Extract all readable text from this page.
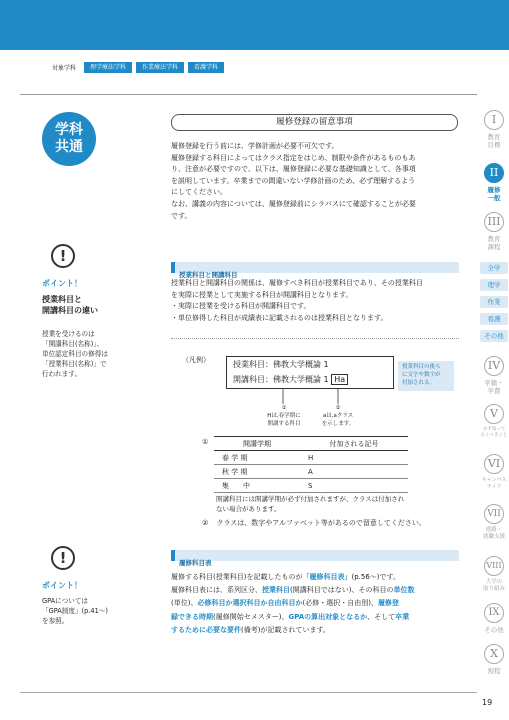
対象学科	理学療法学科	作業療法学科	看護学科
学科
共通
!
ポイント！
授業科目と
開講科目の違い
授業を受けるのは
「開講科目(名称)」、
単位認定科目の修得は
「授業科目(名称)」で
行われます。
!
ポイント！
GPAについては
「GPA制度」(p.41〜)
を参照。
履修登録の留意事項
履修登録を行う前には、学修計画が必要不可欠です。
履修登録する科目によってはクラス指定をはじめ、制限や条件があるものもあ
り、注意が必要ですので、以下は、履修登録に必要な基礎知識として、各事項
を説明しています。卒業までの間違いない学修計画のため、必ず理解するよう
にしてください。
なお、講義の内容については、履修登録前にシラバスにて確認することが必要
です。
授業科目と開講科目
授業科目と開講科目の関係は、履修すべき科目が授業科目であり、その授業科目
を実際に授業として実施する科目が開講科目となります。
・実際に授業を受ける科目が開講科目です。
・単位修得した科目が成績表に記載されるのは授業科目となります。
（凡例）	授業科目：佛教大学概論 1
開講科目：佛教大学概論 1 Ha
授業科目の後ろ
に文字や数字が
付加される。
①
Hは,春学期に
開講する科目
②
aは,aクラス
を示します。
①	開講学期	付加される記号
春 学 期	H
秋 学 期	A
集　　中	S
開講科目には開講学期が必ず付加されますが、クラスは付加され
ない場合があります。
② クラスは、数字やアルファベット等があるので留意してください。
履修科目表
履修する科目(授業科目)を記載したものが「履修科目表」(p.56〜)です。
履修科目表には、系列区分、授業科目(開講科目ではない)、その科目の単位数
(単位)、必修科目か選択科目か自由科目か(必修・選択・自由別)、履修登
録できる時期(履修開始セメスター)、GPAの算出対象となるか、そして卒業
するために必要な要件(備考)が記載されています。
I
教育
目標
II
履修
一般
III
教育
課程
全学
理学
作業
看護
その他
IV
学籍・
学費
V
まず知って
おくべきこと
VI
キャンパス
ライフ
VII
進路・
就職支援
VIII
大学の
取り組み
IX
その他
X
規程
19
